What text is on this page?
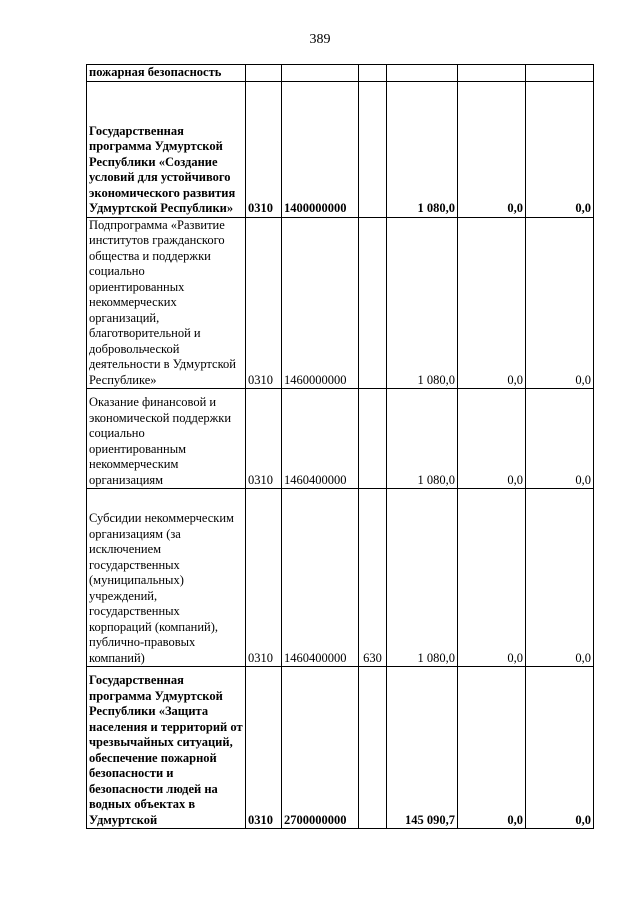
389
пожарная безопасность						
Государственная программа Удмуртской Республики «Создание условий для устойчивого экономического развития Удмуртской Республики»	0310	1400000000		1 080,0	0,0	0,0
Подпрограмма «Развитие институтов гражданского общества и поддержки социально ориентированных некоммерческих организаций, благотворительной и добровольческой деятельности в Удмуртской Республике»	0310	1460000000		1 080,0	0,0	0,0
Оказание финансовой и экономической поддержки социально ориентированным некоммерческим организациям	0310	1460400000		1 080,0	0,0	0,0
Субсидии некоммерческим организациям (за исключением государственных (муниципальных) учреждений, государственных корпораций (компаний), публично-правовых компаний)	0310	1460400000	630	1 080,0	0,0	0,0
Государственная программа Удмуртской Республики «Защита населения и территорий от чрезвычайных ситуаций, обеспечение пожарной безопасности и безопасности людей на водных объектах в Удмуртской	0310	2700000000		145 090,7	0,0	0,0
